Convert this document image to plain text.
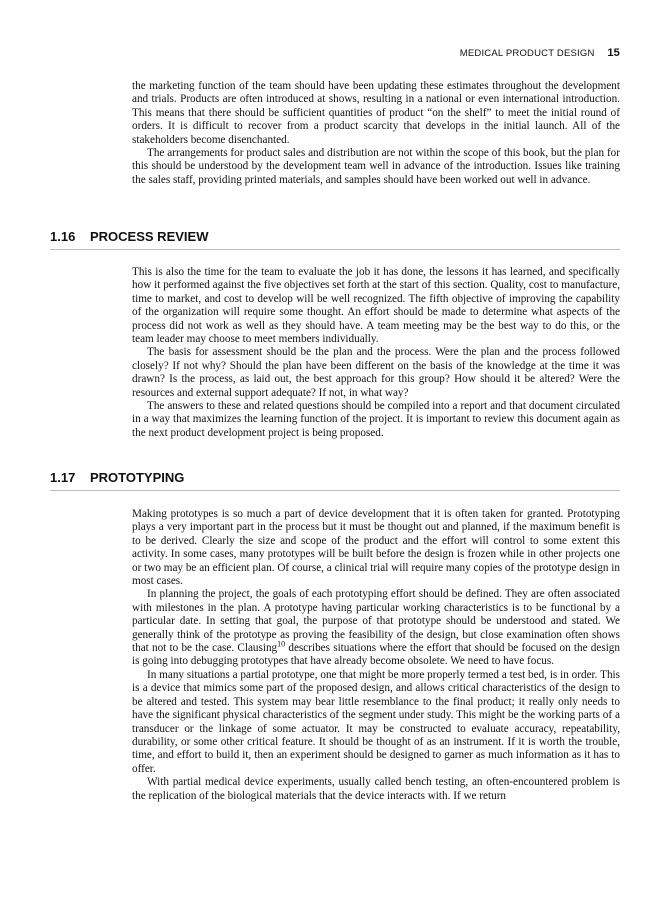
MEDICAL PRODUCT DESIGN 15

the marketing function of the team should have been updating these estimates throughout the development and trials. Products are often introduced at shows, resulting in a national or even international introduction. This means that there should be sufficient quantities of product “on the shelf” to meet the initial round of orders. It is difficult to recover from a product scarcity that develops in the initial launch. All of the stakeholders become disenchanted.

The arrangements for product sales and distribution are not within the scope of this book, but the plan for this should be understood by the development team well in advance of the introduction. Issues like training the sales staff, providing printed materials, and samples should have been worked out well in advance.

1.16 PROCESS REVIEW

This is also the time for the team to evaluate the job it has done, the lessons it has learned, and specifically how it performed against the five objectives set forth at the start of this section. Quality, cost to manufacture, time to market, and cost to develop will be well recognized. The fifth objective of improving the capability of the organization will require some thought. An effort should be made to determine what aspects of the process did not work as well as they should have. A team meeting may be the best way to do this, or the team leader may choose to meet members individually.

The basis for assessment should be the plan and the process. Were the plan and the process followed closely? If not why? Should the plan have been different on the basis of the knowledge at the time it was drawn? Is the process, as laid out, the best approach for this group? How should it be altered? Were the resources and external support adequate? If not, in what way?

The answers to these and related questions should be compiled into a report and that document circulated in a way that maximizes the learning function of the project. It is important to review this document again as the next product development project is being proposed.

1.17 PROTOTYPING

Making prototypes is so much a part of device development that it is often taken for granted. Prototyping plays a very important part in the process but it must be thought out and planned, if the maximum benefit is to be derived. Clearly the size and scope of the product and the effort will control to some extent this activity. In some cases, many prototypes will be built before the design is frozen while in other projects one or two may be an efficient plan. Of course, a clinical trial will require many copies of the prototype design in most cases.

In planning the project, the goals of each prototyping effort should be defined. They are often associated with milestones in the plan. A prototype having particular working characteristics is to be functional by a particular date. In setting that goal, the purpose of that prototype should be understood and stated. We generally think of the prototype as proving the feasibility of the design, but close examination often shows that not to be the case. Clausing$^{10}$ describes situations where the effort that should be focused on the design is going into debugging prototypes that have already become obsolete. We need to have focus.

In many situations a partial prototype, one that might be more properly termed a test bed, is in order. This is a device that mimics some part of the proposed design, and allows critical characteristics of the design to be altered and tested. This system may bear little resemblance to the final product; it really only needs to have the significant physical characteristics of the segment under study. This might be the working parts of a transducer or the linkage of some actuator. It may be constructed to evaluate accuracy, repeatability, durability, or some other critical feature. It should be thought of as an instrument. If it is worth the trouble, time, and effort to build it, then an experiment should be designed to garner as much information as it has to offer.

With partial medical device experiments, usually called bench testing, an often-encountered problem is the replication of the biological materials that the device interacts with. If we return
